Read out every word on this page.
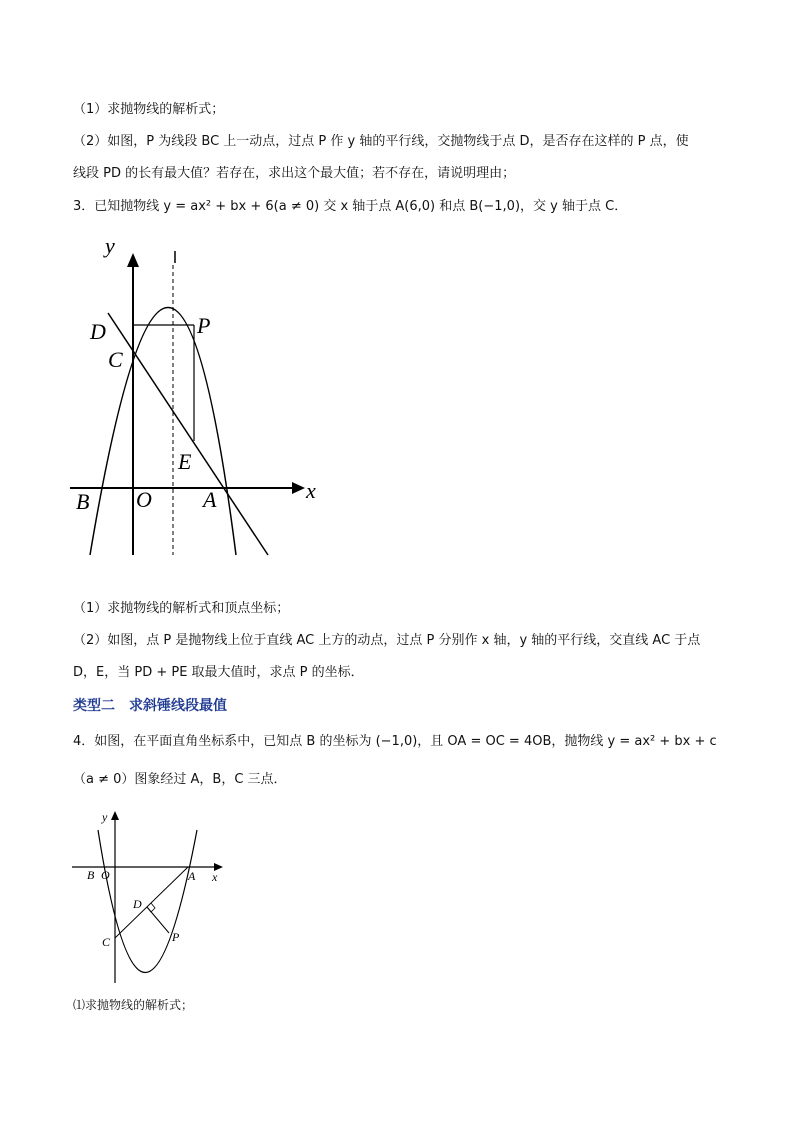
（1）求抛物线的解析式；
（2）如图，P 为线段 BC 上一动点，过点 P 作 y 轴的平行线，交抛物线于点 D，是否存在这样的 P 点，使
线段 PD 的长有最大值？若存在，求出这个最大值；若不存在，请说明理由；
3．已知抛物线 y = ax² + bx + 6(a ≠ 0) 交 x 轴于点 A(6,0) 和点 B(−1,0)，交 y 轴于点 C．
y
x
D	P
C
E
B O A
（1）求抛物线的解析式和顶点坐标；
（2）如图，点 P 是抛物线上位于直线 AC 上方的动点，过点 P 分别作 x 轴，y 轴的平行线，交直线 AC 于点
D，E，当 PD + PE 取最大值时，求点 P 的坐标．
类型二 求斜锤线段最值
4．如图，在平面直角坐标系中，已知点 B 的坐标为 (−1,0)，且 OA = OC = 4OB，抛物线 y = ax² + bx + c
（a ≠ 0）图象经过 A，B，C 三点．
y
x
B O	A
D
C	P
⑴求抛物线的解析式；
